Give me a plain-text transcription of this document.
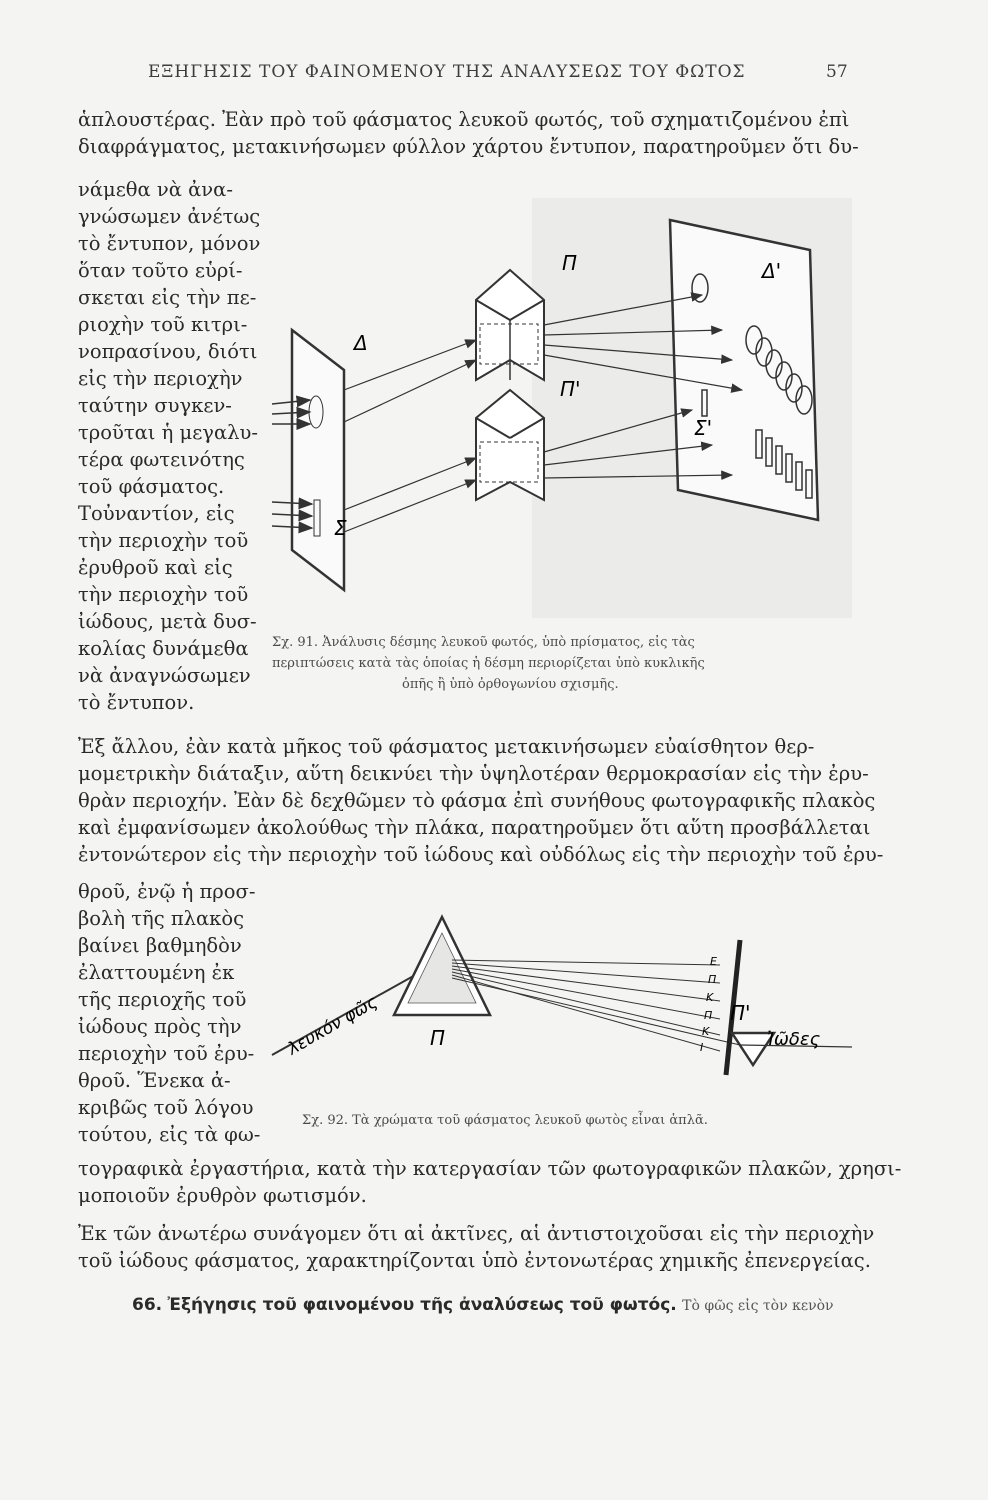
ΕΞΗΓΗΣΙΣ ΤΟΥ ΦΑΙΝΟΜΕΝΟΥ ΤΗΣ ΑΝΑΛΥΣΕΩΣ ΤΟΥ ΦΩΤΟΣ	57
ἁπλουστέρας. Ἐὰν πρὸ τοῦ φάσματος λευκοῦ φωτός, τοῦ σχηματιζομένου ἐπὶ
διαφράγματος, μετακινήσωμεν φύλλον χάρτου ἔντυπον, παρατηροῦμεν ὅτι δυ-
νάμεθα νὰ ἀνα-
γνώσωμεν ἀνέτως
τὸ ἔντυπον, μόνον
ὅταν τοῦτο εὑρί-
σκεται εἰς τὴν πε-
ριοχὴν τοῦ κιτρι-
νοπρασίνου, διότι
εἰς τὴν περιοχὴν
ταύτην συγκεν-
τροῦται ἡ μεγαλυ-
τέρα φωτεινότης
τοῦ φάσματος.
Τοὐναντίον, εἰς
τὴν περιοχὴν τοῦ
ἐρυθροῦ καὶ εἰς
τὴν περιοχὴν τοῦ
ἰώδους, μετὰ δυσ-
κολίας δυνάμεθα
νὰ ἀναγνώσωμεν
τὸ ἔντυπον.
Δ
Π
Π'
Δ'
Σ
Σ'
Σχ. 91. Ἀνάλυσις δέσμης λευκοῦ φωτός, ὑπὸ πρίσματος, εἰς τὰς
περιπτώσεις κατὰ τὰς ὁποίας ἡ δέσμη περιορίζεται ὑπὸ κυκλικῆς
ὀπῆς ἢ ὑπὸ ὀρθογωνίου σχισμῆς.
Ἐξ ἄλλου, ἐὰν κατὰ μῆκος τοῦ φάσματος μετακινήσωμεν εὐαίσθητον θερ-
μομετρικὴν διάταξιν, αὕτη δεικνύει τὴν ὑψηλοτέραν θερμοκρασίαν εἰς τὴν ἐρυ-
θρὰν περιοχήν. Ἐὰν δὲ δεχθῶμεν τὸ φάσμα ἐπὶ συνήθους φωτογραφικῆς πλακὸς
καὶ ἐμφανίσωμεν ἀκολούθως τὴν πλάκα, παρατηροῦμεν ὅτι αὕτη προσβάλλεται
ἐντονώτερον εἰς τὴν περιοχὴν τοῦ ἰώδους καὶ οὐδόλως εἰς τὴν περιοχὴν τοῦ ἐρυ-
θροῦ, ἐνῷ ἡ προσ-
βολὴ τῆς πλακὸς
βαίνει βαθμηδὸν
ἐλαττουμένη ἐκ
τῆς περιοχῆς τοῦ
ἰώδους πρὸς τὴν
περιοχὴν τοῦ ἐρυ-
θροῦ. Ἕνεκα ἀ-
κριβῶς τοῦ λόγου
τούτου, εἰς τὰ φω-
τογραφικὰ ἐργαστήρια, κατὰ τὴν κατεργασίαν τῶν φωτογραφικῶν πλακῶν, χρησι-
μοποιοῦν ἐρυθρὸν φωτισμόν.
λευκόν φῶς Π
Π'
Ἰῶδες
Ε
Π
Κ
Π
Κ
Ι
Σχ. 92. Τὰ χρώματα τοῦ φάσματος λευκοῦ φωτὸς εἶναι ἁπλᾶ.
Ἐκ τῶν ἀνωτέρω συνάγομεν ὅτι αἱ ἀκτῖνες, αἱ ἀντιστοιχοῦσαι εἰς τὴν περιοχὴν
τοῦ ἰώδους φάσματος, χαρακτηρίζονται ὑπὸ ἐντονωτέρας χημικῆς ἐπενεργείας.
66. Ἐξήγησις τοῦ φαινομένου τῆς ἀναλύσεως τοῦ φωτός. Τὸ φῶς εἰς τὸν κενὸν
